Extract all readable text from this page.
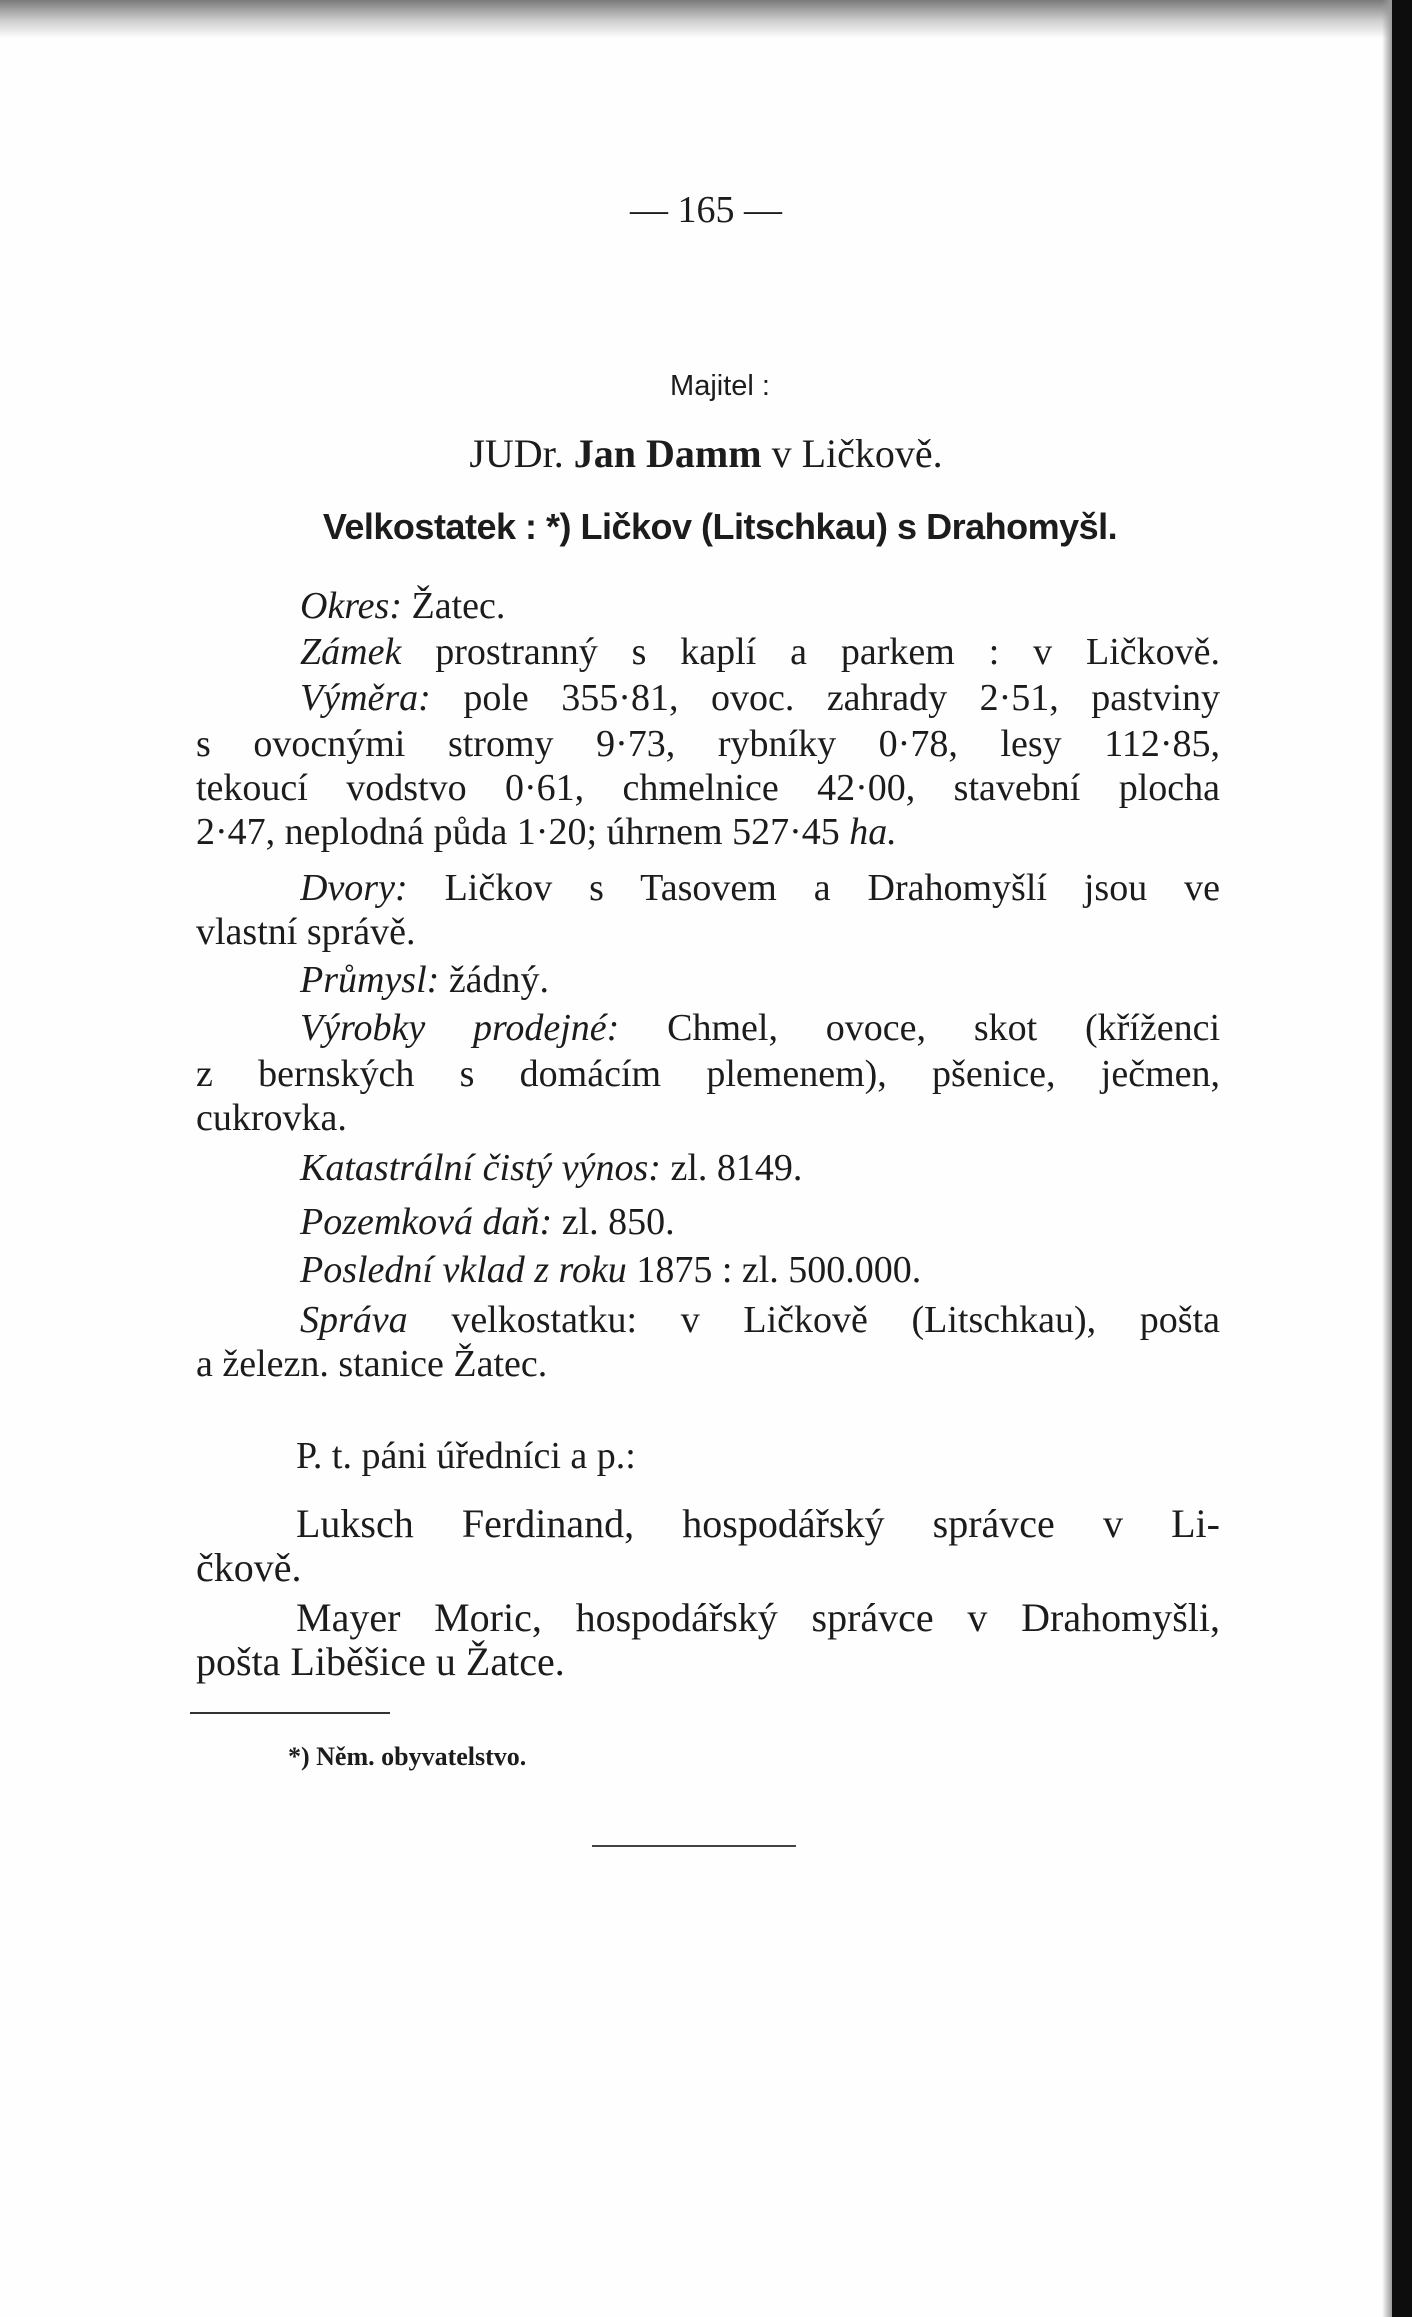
— 165 —
Majitel :
JUDr. Jan Damm v Ličkově.
Velkostatek : *) Ličkov (Litschkau) s Drahomyšl.
Okres: Žatec.
Zámek prostranný s kaplí a parkem : v Ličkově.
Výměra: pole 355·81, ovoc. zahrady 2·51, pastviny
s ovocnými stromy 9·73, rybníky 0·78, lesy 112·85,
tekoucí vodstvo 0·61, chmelnice 42·00, stavební plocha
2·47, neplodná půda 1·20; úhrnem 527·45 ha.
Dvory: Ličkov s Tasovem a Drahomyšlí jsou ve
vlastní správě.
Průmysl: žádný.
Výrobky prodejné: Chmel, ovoce, skot (kříženci
z bernských s domácím plemenem), pšenice, ječmen,
cukrovka.
Katastrální čistý výnos: zl. 8149.
Pozemková daň: zl. 850.
Poslední vklad z roku 1875 : zl. 500.000.
Správa velkostatku: v Ličkově (Litschkau), pošta
a železn. stanice Žatec.
P. t. páni úředníci a p.:
Luksch Ferdinand, hospodářský správce v Li-
čkově.
Mayer Moric, hospodářský správce v Drahomyšli,
pošta Liběšice u Žatce.
*) Něm. obyvatelstvo.
